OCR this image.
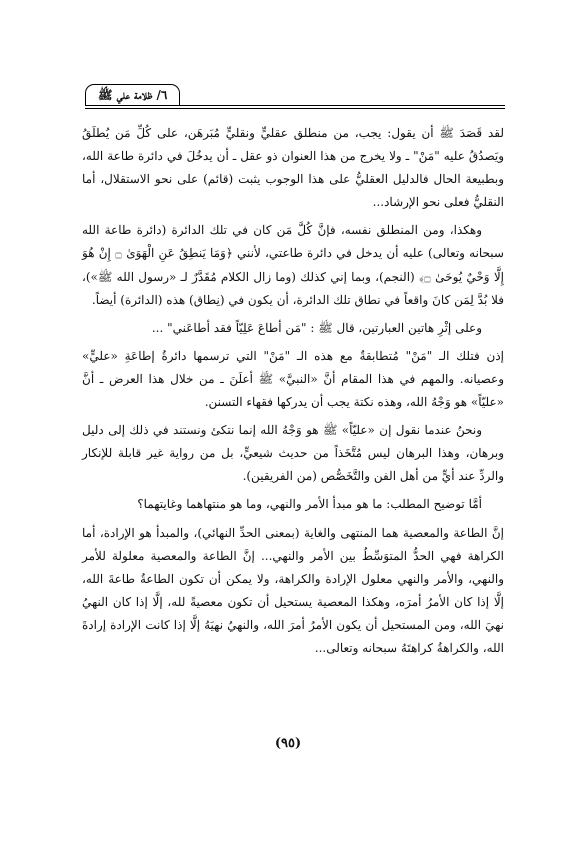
٦/ ظلامة علي ﷺ

لقد قَصَدَ ﷺ أن يقول: يجب، من منطلق عقليٍّ ونقليٍّ مُبَرهَن، على كُلِّ مَن يُطلَقُ ويَصدُقُ عليه "مَنْ" ـ ولا يخرج من هذا العنوان ذو عقل ـ أن يدخُلَ في دائرة طاعة الله، وبطبيعة الحال فالدليل العقليُّ على هذا الوجوب يثبت (قائم) على نحو الاستقلال، أما النقليُّ فعلى نحو الإرشاد...

وهكذا، ومن المنطلق نفسه، فإنَّ كُلَّ مَن كان في تلك الدائرة (دائرة طاعة الله سبحانه وتعالى) عليه أن يدخل في دائرة طاعتي، لأنني ﴿وَمَا يَنطِقُ عَنِ الْهَوَىٰ ۝ إِنْ هُوَ إِلَّا وَحْيٌ يُوحَىٰ ۝﴾ (النجم)، وبما إني كذلك (وما زال الكلام مُقَدَّرٌ لـ «رسول الله ﷺ»)، فلا بُدَّ لِمَن كانَ واقعاً في نطاق تلك الدائرة، أن يكون في (نِطاق) هذه (الدائرة) أيضاً.

وعلى إثْرِ هاتين العبارتين، قال ﷺ : "مَن أطاعَ عَلِيّاً فقد أطاعَني" ...

إذن فتلك الـ "مَنْ" مُتطابقةٌ مع هذه الـ "مَنْ" التي ترسمها دائرةُ إطاعَةِ «عليٍّ» وعصيانه. والمهم في هذا المقام أنَّ «النبيَّ» ﷺ أعلَنَ ـ من خلال هذا العرض ـ أنَّ «عليّاً» هو وَجْهُ الله، وهذه نكتة يجب أن يدركها فقهاء التسنن.

ونحنُ عندما نقول إن «عليّاً» ﷺ هو وَجْهُ الله إنما نتكئ ونستند في ذلك إلى دليل وبرهان، وهذا البرهان ليس مُتَّخَذاً من حديث شيعيٍّ، بل من رواية غير قابلة للإنكار والردِّ عند أيٍّ من أهل الفن والتَّخَصُّص (من الفريقين).

أمَّا توضيح المطلب: ما هو مبدأ الأمر والنهي، وما هو منتهاهما وغايتهما؟

إنَّ الطاعة والمعصية هما المنتهى والغاية (بمعنى الحدِّ النهائي)، والمبدأ هو الإرادة، أما الكراهة فهي الحدُّ المتوَسِّطُ بين الأمر والنهي... إنَّ الطاعة والمعصية معلولة للأمر والنهي، والأمر والنهي معلول الإرادة والكراهة، ولا يمكن أن تكون الطاعةُ طاعةَ الله، إلَّا إذا كان الأمرُ أمرَه، وهكذا المعصية يستحيل أن تكون معصيةً لله، إلَّا إذا كان النهيُ نهيَ الله، ومن المستحيل أن يكون الأمرُ أمرَ الله، والنهيُ نهيَهُ إلَّا إذا كانت الإرادة إرادةَ الله، والكراهةُ كراهتَهُ سبحانه وتعالى...

(٩٥)
